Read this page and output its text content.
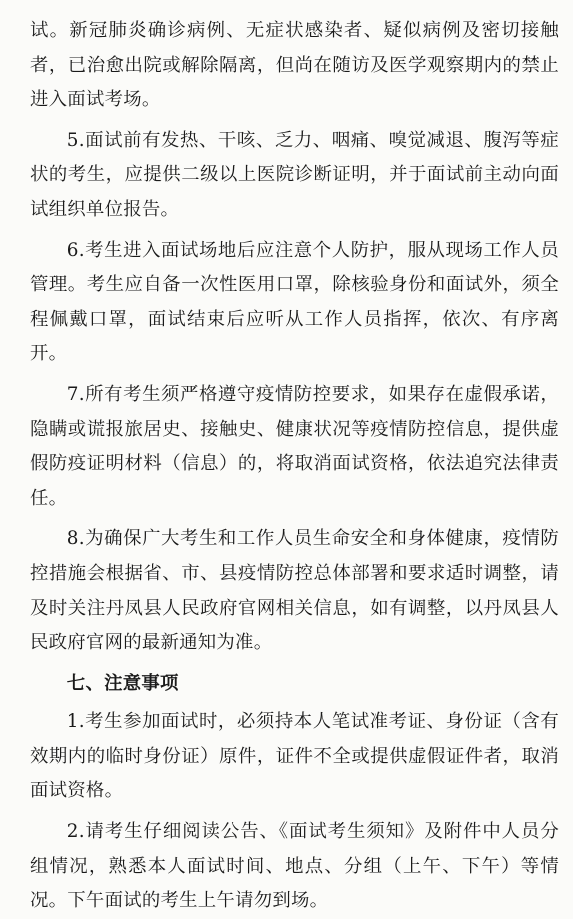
试。新冠肺炎确诊病例、无症状感染者、疑似病例及密切接触者，已治愈出院或解除隔离，但尚在随访及医学观察期内的禁止进入面试考场。

5.面试前有发热、干咳、乏力、咽痛、嗅觉减退、腹泻等症状的考生，应提供二级以上医院诊断证明，并于面试前主动向面试组织单位报告。

6.考生进入面试场地后应注意个人防护，服从现场工作人员管理。考生应自备一次性医用口罩，除核验身份和面试外，须全程佩戴口罩，面试结束后应听从工作人员指挥，依次、有序离开。

7.所有考生须严格遵守疫情防控要求，如果存在虚假承诺，隐瞒或谎报旅居史、接触史、健康状况等疫情防控信息，提供虚假防疫证明材料（信息）的，将取消面试资格，依法追究法律责任。

8.为确保广大考生和工作人员生命安全和身体健康，疫情防控措施会根据省、市、县疫情防控总体部署和要求适时调整，请及时关注丹凤县人民政府官网相关信息，如有调整，以丹凤县人民政府官网的最新通知为准。

七、注意事项

1.考生参加面试时，必须持本人笔试准考证、身份证（含有效期内的临时身份证）原件，证件不全或提供虚假证件者，取消面试资格。

2.请考生仔细阅读公告、《面试考生须知》及附件中人员分组情况，熟悉本人面试时间、地点、分组（上午、下午）等情况。下午面试的考生上午请勿到场。
